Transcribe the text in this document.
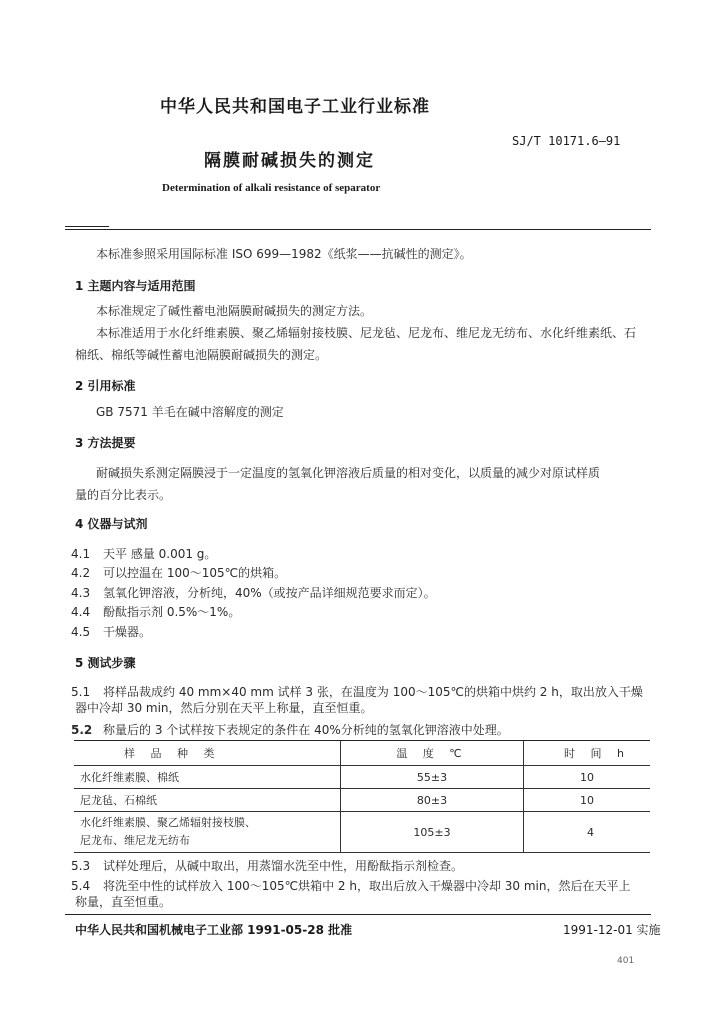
中华人民共和国电子工业行业标准
SJ/T 10171.6–91
隔膜耐碱损失的测定
Determination of alkali resistance of separator
本标准参照采用国际标准 ISO 699—1982《纸浆——抗碱性的测定》。
1 主题内容与适用范围
本标准规定了碱性蓄电池隔膜耐碱损失的测定方法。
本标准适用于水化纤维素膜、聚乙烯辐射接枝膜、尼龙毡、尼龙布、维尼龙无纺布、水化纤维素纸、石
棉纸、棉纸等碱性蓄电池隔膜耐碱损失的测定。
2 引用标准
GB 7571 羊毛在碱中溶解度的测定
3 方法提要
耐碱损失系测定隔膜浸于一定温度的氢氧化钾溶液后质量的相对变化，以质量的减少对原试样质
量的百分比表示。
4 仪器与试剂
4.1 天平 感量 0.001 g。
4.2 可以控温在 100～105℃的烘箱。
4.3 氢氧化钾溶液，分析纯，40%（或按产品详细规范要求而定）。
4.4 酚酞指示剂 0.5%～1%。
4.5 干燥器。
5 测试步骤
5.1 将样品裁成约 40 mm×40 mm 试样 3 张，在温度为 100～105℃的烘箱中烘约 2 h，取出放入干燥
器中冷却 30 min，然后分别在天平上称量，直至恒重。
5.2 称量后的 3 个试样按下表规定的条件在 40%分析纯的氢氧化钾溶液中处理。
样 品 种 类	温 度 ℃	时 间 h
水化纤维素膜、棉纸	55±3	10
尼龙毡、石棉纸	80±3	10

水化纤维素膜、聚乙烯辐射接枝膜、
尼龙布、维尼龙无纺布	105±3	4
5.3 试样处理后，从碱中取出，用蒸馏水洗至中性，用酚酞指示剂检查。
5.4 将洗至中性的试样放入 100～105℃烘箱中 2 h，取出后放入干燥器中冷却 30 min，然后在天平上
称量，直至恒重。
中华人民共和国机械电子工业部 1991-05-28 批准	1991-12-01 实施
401
